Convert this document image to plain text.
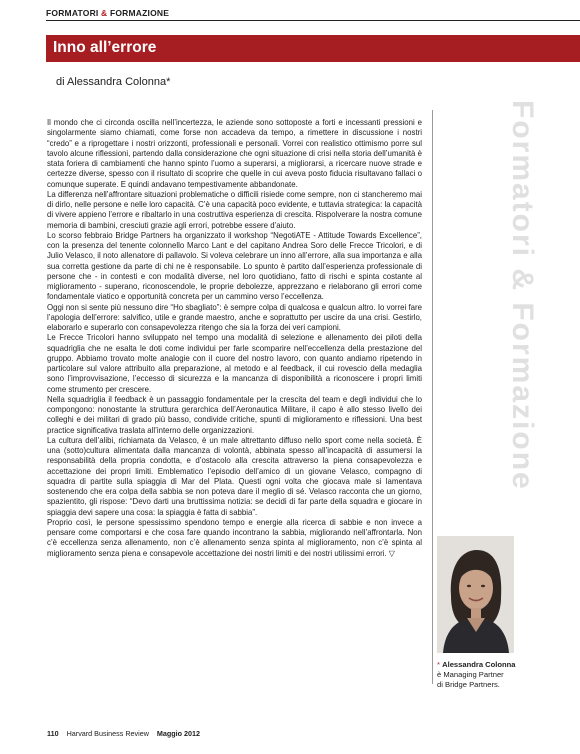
FORMATORI & FORMAZIONE
Inno all’errore
di Alessandra Colonna*

Il mondo che ci circonda oscilla nell’incertezza, le aziende sono sottoposte a forti e incessanti pressioni e singolarmente siamo chiamati, come forse non accadeva da tempo, a rimettere in discussione i nostri “credo” e a riprogettare i nostri orizzonti, professionali e personali. Vorrei con realistico ottimismo porre sul tavolo alcune riflessioni, partendo dalla considerazione che ogni situazione di crisi nella storia dell’umanità è stata foriera di cambiamenti che hanno spinto l’uomo a superarsi, a migliorarsi, a ricercare nuove strade e certezze diverse, spesso con il risultato di scoprire che quelle in cui aveva posto fiducia risultavano fallaci o comunque superate. E quindi andavano tempestivamente abbandonate.

La differenza nell’affrontare situazioni problematiche o difficili risiede come sempre, non ci stancheremo mai di dirlo, nelle persone e nelle loro capacità. C’è una capacità poco evidente, e tuttavia strategica: la capacità di vivere appieno l’errore e ribaltarlo in una costruttiva esperienza di crescita. Rispolverare la nostra comune memoria di bambini, cresciuti grazie agli errori, potrebbe essere d’aiuto.

Lo scorso febbraio Bridge Partners ha organizzato il workshop “NegotiATE - Attitude Towards Excellence”, con la presenza del tenente colonnello Marco Lant e del capitano Andrea Soro delle Frecce Tricolori, e di Julio Velasco, il noto allenatore di pallavolo. Si voleva celebrare un inno all’errore, alla sua importanza e alla sua corretta gestione da parte di chi ne è responsabile. Lo spunto è partito dall’esperienza professionale di persone che - in contesti e con modalità diverse, nel loro quotidiano, fatto di rischi e spinta costante al miglioramento - superano, riconoscendole, le proprie debolezze, apprezzano e rielaborano gli errori come fondamentale viatico e opportunità concreta per un cammino verso l’eccellenza.

Oggi non si sente più nessuno dire “Ho sbagliato”: è sempre colpa di qualcosa e qualcun altro. Io vorrei fare l’apologia dell’errore: salvifico, utile e grande maestro, anche e soprattutto per uscire da una crisi. Gestirlo, elaborarlo e superarlo con consapevolezza ritengo che sia la forza dei veri campioni.

Le Frecce Tricolori hanno sviluppato nel tempo una modalità di selezione e allenamento dei piloti della squadriglia che ne esalta le doti come individui per farle scomparire nell’eccellenza della prestazione del gruppo. Abbiamo trovato molte analogie con il cuore del nostro lavoro, con quanto andiamo ripetendo in particolare sul valore attribuito alla preparazione, al metodo e al feedback, il cui rovescio della medaglia sono l’improvvisazione, l’eccesso di sicurezza e la mancanza di disponibilità a riconoscere i propri limiti come strumento per crescere.

Nella squadriglia il feedback è un passaggio fondamentale per la crescita del team e degli individui che lo compongono: nonostante la struttura gerarchica dell’Aeronautica Militare, il capo è allo stesso livello dei colleghi e dei militari di grado più basso, condivide critiche, spunti di miglioramento e riflessioni. Una best practice significativa traslata all’interno delle organizzazioni.

La cultura dell’alibi, richiamata da Velasco, è un male altrettanto diffuso nello sport come nella società. È una (sotto)cultura alimentata dalla mancanza di volontà, abbinata spesso all’incapacità di assumersi la responsabilità della propria condotta, e d’ostacolo alla crescita attraverso la piena consapevolezza e accettazione dei propri limiti. Emblematico l’episodio dell’amico di un giovane Velasco, compagno di squadra di partite sulla spiaggia di Mar del Plata. Questi ogni volta che giocava male si lamentava sostenendo che era colpa della sabbia se non poteva dare il meglio di sé. Velasco racconta che un giorno, spazientito, gli rispose: “Devo darti una bruttissima notizia: se decidi di far parte della squadra e giocare in spiaggia devi sapere una cosa: la spiaggia è fatta di sabbia”.

Proprio così, le persone spessissimo spendono tempo e energie alla ricerca di sabbie e non invece a pensare come comportarsi e che cosa fare quando incontrano la sabbia, migliorando nell’affrontarla. Non c’è eccellenza senza allenamento, non c’è allenamento senza spinta al miglioramento, non c’è spinta al miglioramento senza piena e consapevole accettazione dei nostri limiti e dei nostri utilissimi errori. ▽

Formatori & Formazione
* Alessandra Colonna
è Managing Partner
di Bridge Partners.
110 Harvard Business Review Maggio 2012
